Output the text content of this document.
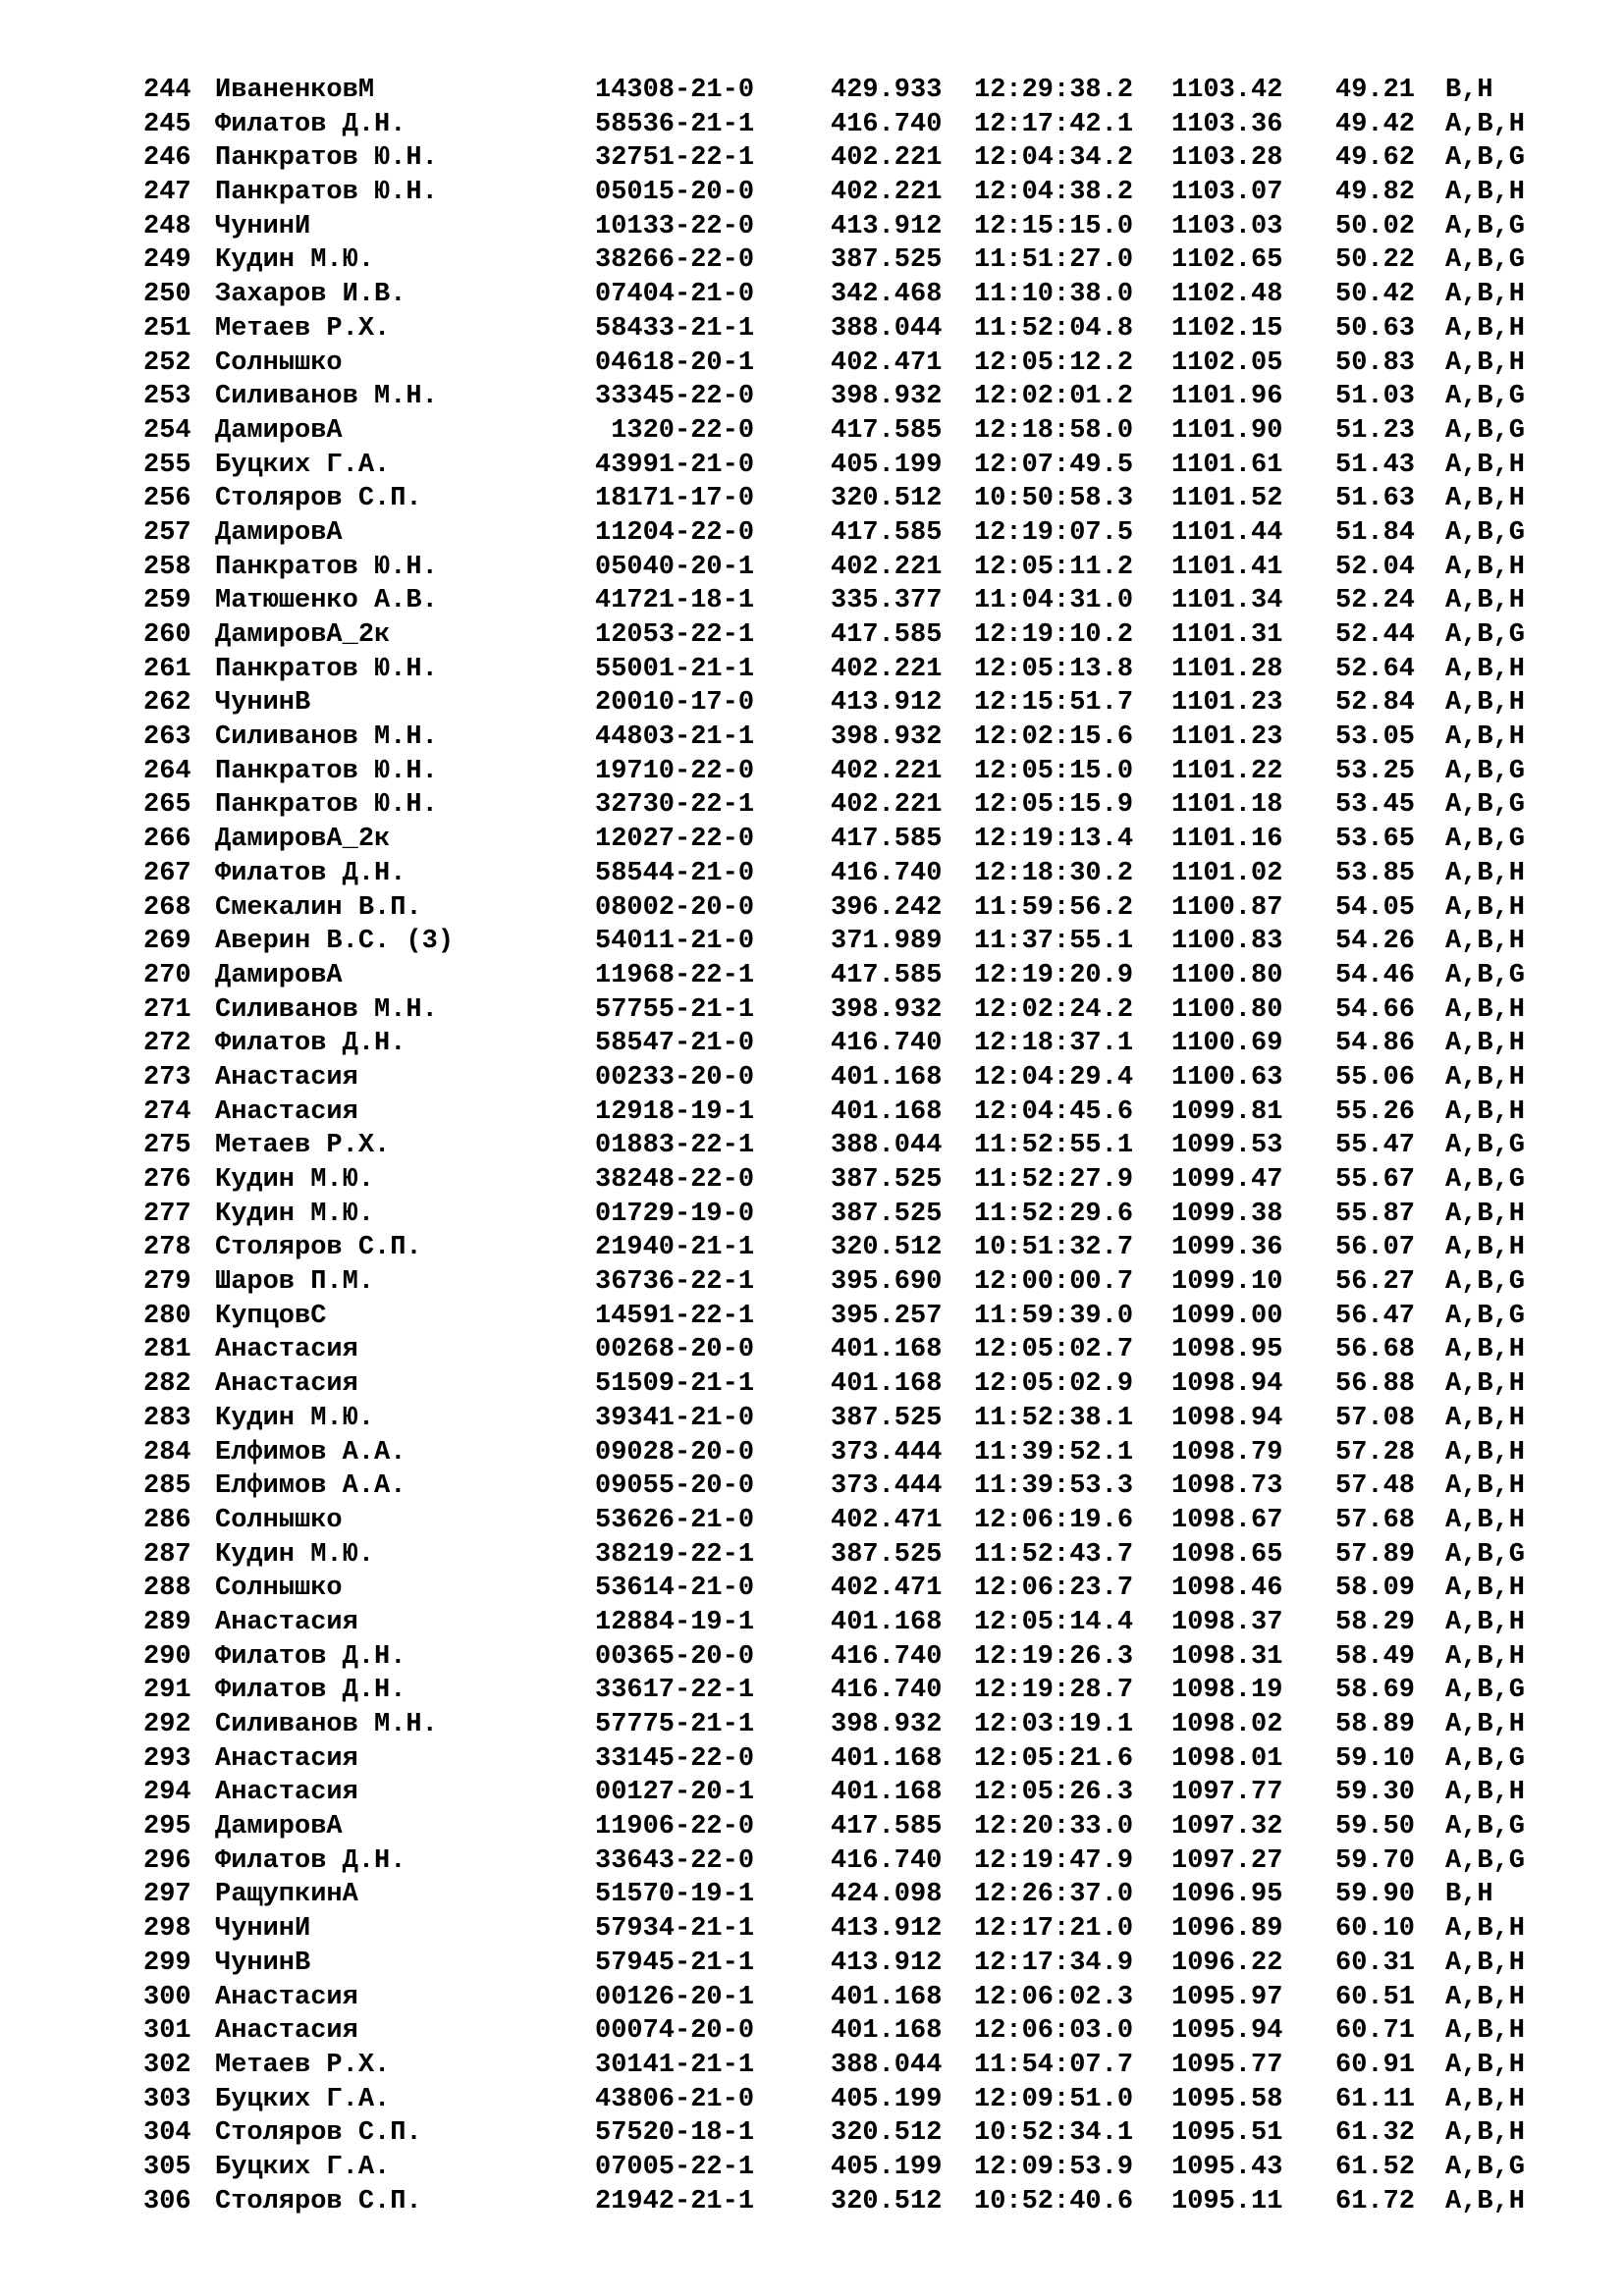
244 ИваненковМ	14308-21-0	429.933 12:29:38.2 1103.42 49.21 B,H
245 Филатов Д.Н.	58536-21-1	416.740 12:17:42.1 1103.36 49.42 A,B,H
246 Панкратов Ю.Н.	32751-22-1	402.221 12:04:34.2 1103.28 49.62 A,B,G
247 Панкратов Ю.Н.	05015-20-0	402.221 12:04:38.2 1103.07 49.82 A,B,H
248 ЧунинИ	10133-22-0	413.912 12:15:15.0 1103.03 50.02 A,B,G
249 Кудин М.Ю.	38266-22-0	387.525 11:51:27.0 1102.65 50.22 A,B,G
250 Захаров И.В.	07404-21-0	342.468 11:10:38.0 1102.48 50.42 A,B,H
251 Метаев Р.Х.	58433-21-1	388.044 11:52:04.8 1102.15 50.63 A,B,H
252 Солнышко	04618-20-1	402.471 12:05:12.2 1102.05 50.83 A,B,H
253 Силиванов М.Н.	33345-22-0	398.932 12:02:01.2 1101.96 51.03 A,B,G
254 ДамировА	1320-22-0	417.585 12:18:58.0 1101.90 51.23 A,B,G
255 Буцких Г.А.	43991-21-0	405.199 12:07:49.5 1101.61 51.43 A,B,H
256 Столяров С.П.	18171-17-0	320.512 10:50:58.3 1101.52 51.63 A,B,H
257 ДамировА	11204-22-0	417.585 12:19:07.5 1101.44 51.84 A,B,G
258 Панкратов Ю.Н.	05040-20-1	402.221 12:05:11.2 1101.41 52.04 A,B,H
259 Матюшенко А.В.	41721-18-1	335.377 11:04:31.0 1101.34 52.24 A,B,H
260 ДамировА_2к	12053-22-1	417.585 12:19:10.2 1101.31 52.44 A,B,G
261 Панкратов Ю.Н.	55001-21-1	402.221 12:05:13.8 1101.28 52.64 A,B,H
262 ЧунинВ	20010-17-0	413.912 12:15:51.7 1101.23 52.84 A,B,H
263 Силиванов М.Н.	44803-21-1	398.932 12:02:15.6 1101.23 53.05 A,B,H
264 Панкратов Ю.Н.	19710-22-0	402.221 12:05:15.0 1101.22 53.25 A,B,G
265 Панкратов Ю.Н.	32730-22-1	402.221 12:05:15.9 1101.18 53.45 A,B,G
266 ДамировА_2к	12027-22-0	417.585 12:19:13.4 1101.16 53.65 A,B,G
267 Филатов Д.Н.	58544-21-0	416.740 12:18:30.2 1101.02 53.85 A,B,H
268 Смекалин В.П.	08002-20-0	396.242 11:59:56.2 1100.87 54.05 A,B,H
269 Аверин В.С. (3)	54011-21-0	371.989 11:37:55.1 1100.83 54.26 A,B,H
270 ДамировА	11968-22-1	417.585 12:19:20.9 1100.80 54.46 A,B,G
271 Силиванов М.Н.	57755-21-1	398.932 12:02:24.2 1100.80 54.66 A,B,H
272 Филатов Д.Н.	58547-21-0	416.740 12:18:37.1 1100.69 54.86 A,B,H
273 Анастасия	00233-20-0	401.168 12:04:29.4 1100.63 55.06 A,B,H
274 Анастасия	12918-19-1	401.168 12:04:45.6 1099.81 55.26 A,B,H
275 Метаев Р.Х.	01883-22-1	388.044 11:52:55.1 1099.53 55.47 A,B,G
276 Кудин М.Ю.	38248-22-0	387.525 11:52:27.9 1099.47 55.67 A,B,G
277 Кудин М.Ю.	01729-19-0	387.525 11:52:29.6 1099.38 55.87 A,B,H
278 Столяров С.П.	21940-21-1	320.512 10:51:32.7 1099.36 56.07 A,B,H
279 Шаров П.М.	36736-22-1	395.690 12:00:00.7 1099.10 56.27 A,B,G
280 КупцовС	14591-22-1	395.257 11:59:39.0 1099.00 56.47 A,B,G
281 Анастасия	00268-20-0	401.168 12:05:02.7 1098.95 56.68 A,B,H
282 Анастасия	51509-21-1	401.168 12:05:02.9 1098.94 56.88 A,B,H
283 Кудин М.Ю.	39341-21-0	387.525 11:52:38.1 1098.94 57.08 A,B,H
284 Елфимов А.А.	09028-20-0	373.444 11:39:52.1 1098.79 57.28 A,B,H
285 Елфимов А.А.	09055-20-0	373.444 11:39:53.3 1098.73 57.48 A,B,H
286 Солнышко	53626-21-0	402.471 12:06:19.6 1098.67 57.68 A,B,H
287 Кудин М.Ю.	38219-22-1	387.525 11:52:43.7 1098.65 57.89 A,B,G
288 Солнышко	53614-21-0	402.471 12:06:23.7 1098.46 58.09 A,B,H
289 Анастасия	12884-19-1	401.168 12:05:14.4 1098.37 58.29 A,B,H
290 Филатов Д.Н.	00365-20-0	416.740 12:19:26.3 1098.31 58.49 A,B,H
291 Филатов Д.Н.	33617-22-1	416.740 12:19:28.7 1098.19 58.69 A,B,G
292 Силиванов М.Н.	57775-21-1	398.932 12:03:19.1 1098.02 58.89 A,B,H
293 Анастасия	33145-22-0	401.168 12:05:21.6 1098.01 59.10 A,B,G
294 Анастасия	00127-20-1	401.168 12:05:26.3 1097.77 59.30 A,B,H
295 ДамировА	11906-22-0	417.585 12:20:33.0 1097.32 59.50 A,B,G
296 Филатов Д.Н.	33643-22-0	416.740 12:19:47.9 1097.27 59.70 A,B,G
297 РащупкинА	51570-19-1	424.098 12:26:37.0 1096.95 59.90 B,H
298 ЧунинИ	57934-21-1	413.912 12:17:21.0 1096.89 60.10 A,B,H
299 ЧунинВ	57945-21-1	413.912 12:17:34.9 1096.22 60.31 A,B,H
300 Анастасия	00126-20-1	401.168 12:06:02.3 1095.97 60.51 A,B,H
301 Анастасия	00074-20-0	401.168 12:06:03.0 1095.94 60.71 A,B,H
302 Метаев Р.Х.	30141-21-1	388.044 11:54:07.7 1095.77 60.91 A,B,H
303 Буцких Г.А.	43806-21-0	405.199 12:09:51.0 1095.58 61.11 A,B,H
304 Столяров С.П.	57520-18-1	320.512 10:52:34.1 1095.51 61.32 A,B,H
305 Буцких Г.А.	07005-22-1	405.199 12:09:53.9 1095.43 61.52 A,B,G
306 Столяров С.П.	21942-21-1	320.512 10:52:40.6 1095.11 61.72 A,B,H
